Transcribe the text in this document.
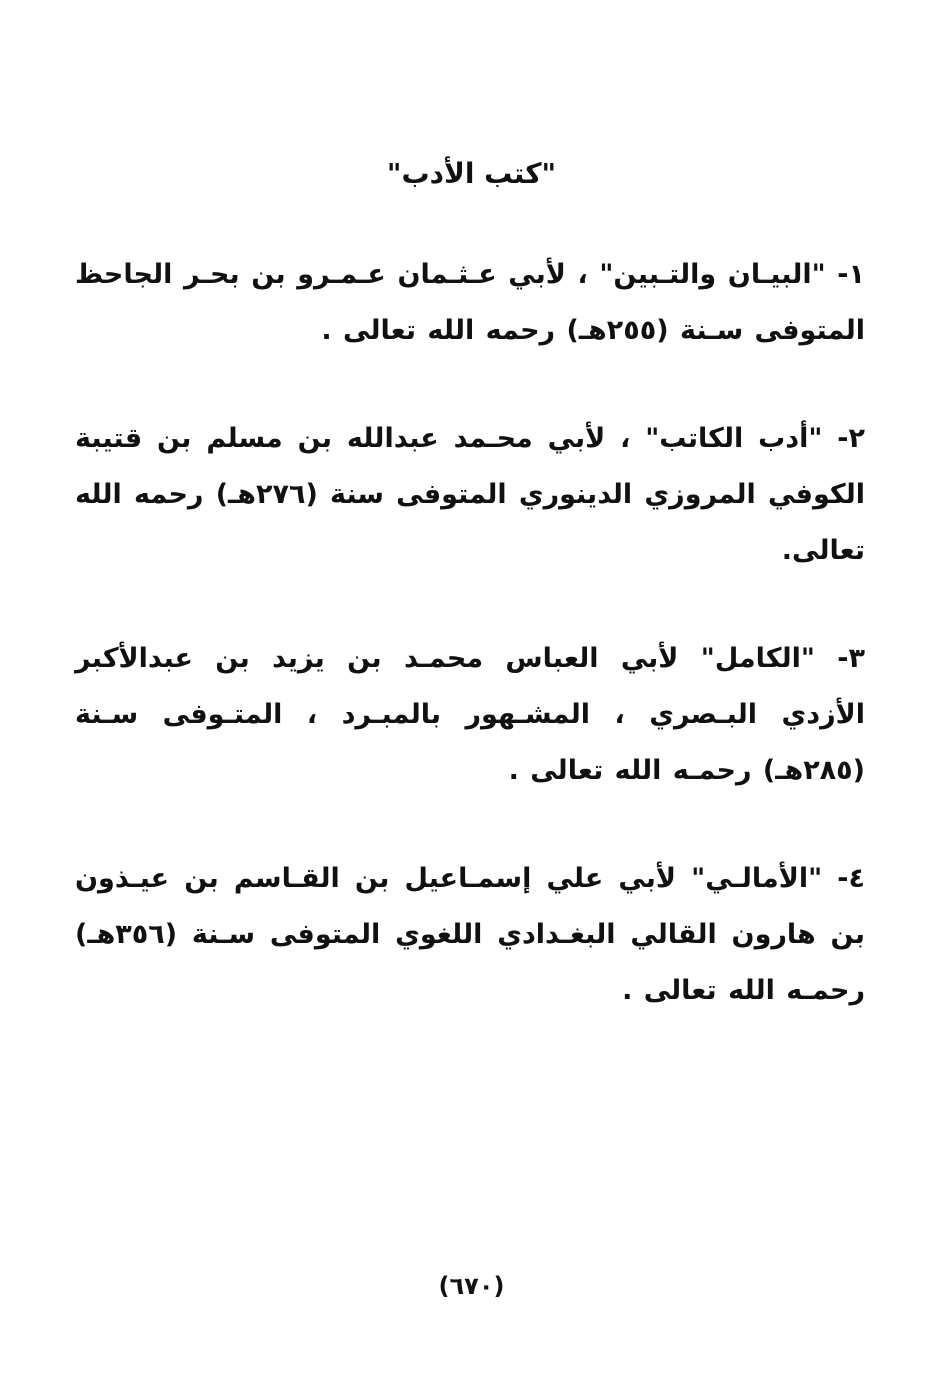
"كتب الأدب"

١- "البيـان والتـبين" ، لأبي عـثـمان عـمـرو بن بحـر الجاحظ المتوفى سـنة (٢٥٥هـ) رحمه الله تعالى .

٢- "أدب الكاتب" ، لأبي محـمد عبدالله بن مسلم بن قتيبة الكوفي المروزي الدينوري المتوفى سنة (٢٧٦هـ) رحمه الله تعالى.

٣- "الكامل" لأبي العباس محمـد بن يزيد بن عبدالأكبر الأزدي البـصري ، المشـهور بالمبـرد ، المتـوفى سـنة (٢٨٥هـ) رحمـه الله تعالى .

٤- "الأمالـي" لأبي علي إسمـاعيل بن القـاسم بن عيـذون بن هارون القالي البغـدادي اللغوي المتوفى سـنة (٣٥٦هـ) رحمـه الله تعالى .

(٦٧٠)
